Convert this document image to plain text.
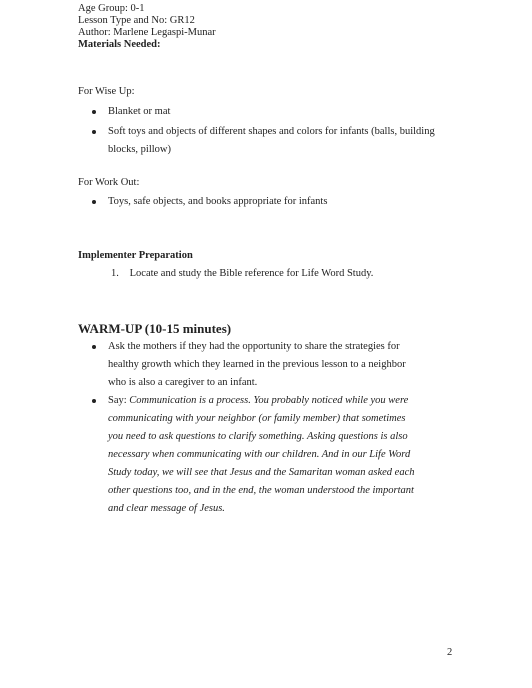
Age Group: 0-1
Lesson Type and No: GR12
Author: Marlene Legaspi-Munar
Materials Needed:
For Wise Up:
Blanket or mat
Soft toys and objects of different shapes and colors for infants (balls, building blocks, pillow)
For Work Out:
Toys, safe objects, and books appropriate for infants
Implementer Preparation
1. Locate and study the Bible reference for Life Word Study.
WARM-UP (10-15 minutes)
Ask the mothers if they had the opportunity to share the strategies for healthy growth which they learned in the previous lesson to a neighbor who is also a caregiver to an infant.
Say: Communication is a process. You probably noticed while you were communicating with your neighbor (or family member) that sometimes you need to ask questions to clarify something. Asking questions is also necessary when communicating with our children. And in our Life Word Study today, we will see that Jesus and the Samaritan woman asked each other questions too, and in the end, the woman understood the important and clear message of Jesus.
2
